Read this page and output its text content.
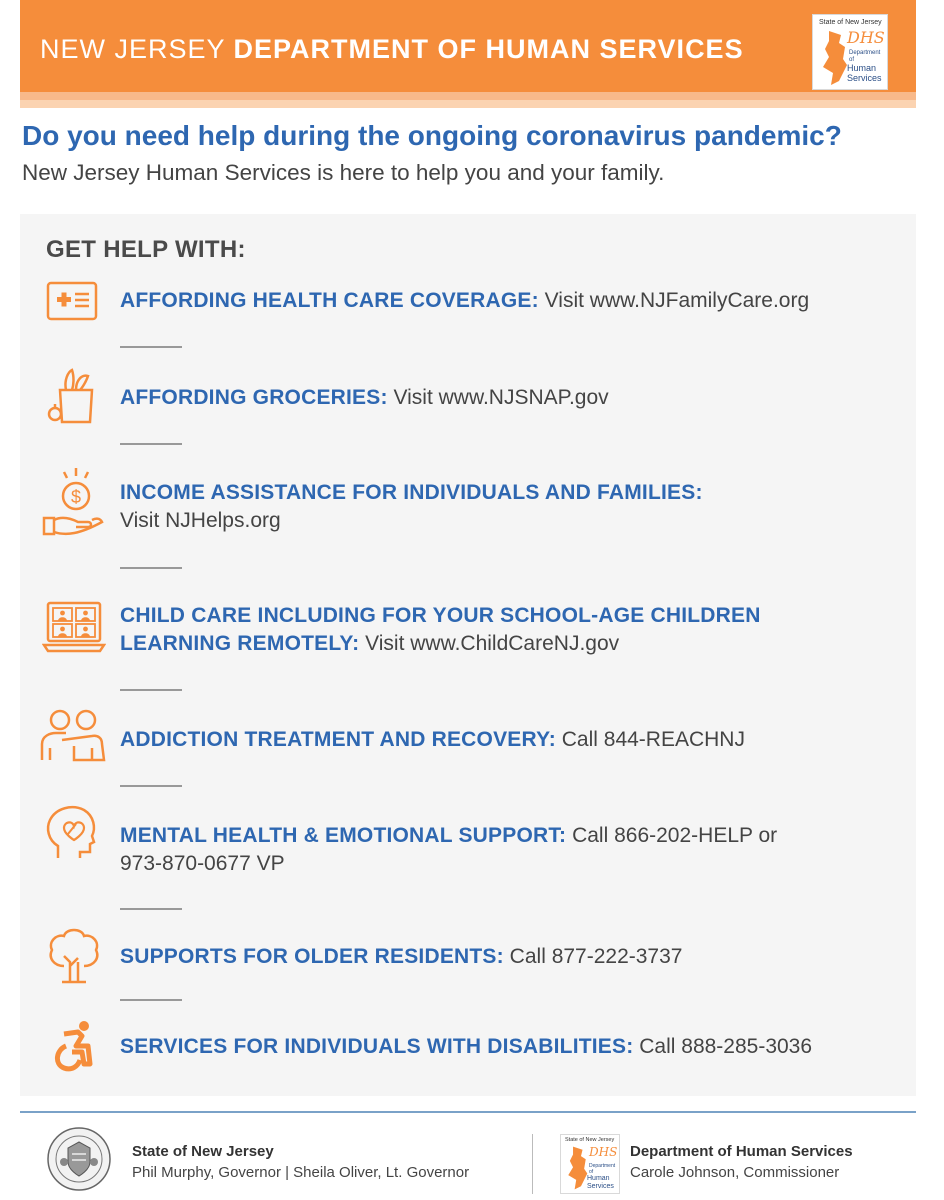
NEW JERSEY DEPARTMENT OF HUMAN SERVICES
State of New Jersey
DHS
Department of
Human
Services
Do you need help during the ongoing coronavirus pandemic?
New Jersey Human Services is here to help you and your family.
GET HELP WITH:
AFFORDING HEALTH CARE COVERAGE: Visit www.NJFamilyCare.org
AFFORDING GROCERIES: Visit www.NJSNAP.gov
$ INCOME ASSISTANCE FOR INDIVIDUALS AND FAMILIES:
Visit NJHelps.org
CHILD CARE INCLUDING FOR YOUR SCHOOL-AGE CHILDREN
LEARNING REMOTELY: Visit www.ChildCareNJ.gov
ADDICTION TREATMENT AND RECOVERY: Call 844-REACHNJ
MENTAL HEALTH & EMOTIONAL SUPPORT: Call 866-202-HELP or
973-870-0677 VP
SUPPORTS FOR OLDER RESIDENTS: Call 877-222-3737
SERVICES FOR INDIVIDUALS WITH DISABILITIES: Call 888-285-3036
State of New Jersey
Phil Murphy, Governor | Sheila Oliver, Lt. Governor
State of New Jersey
DHS
Department of
Human
Services
Department of Human Services
Carole Johnson, Commissioner
